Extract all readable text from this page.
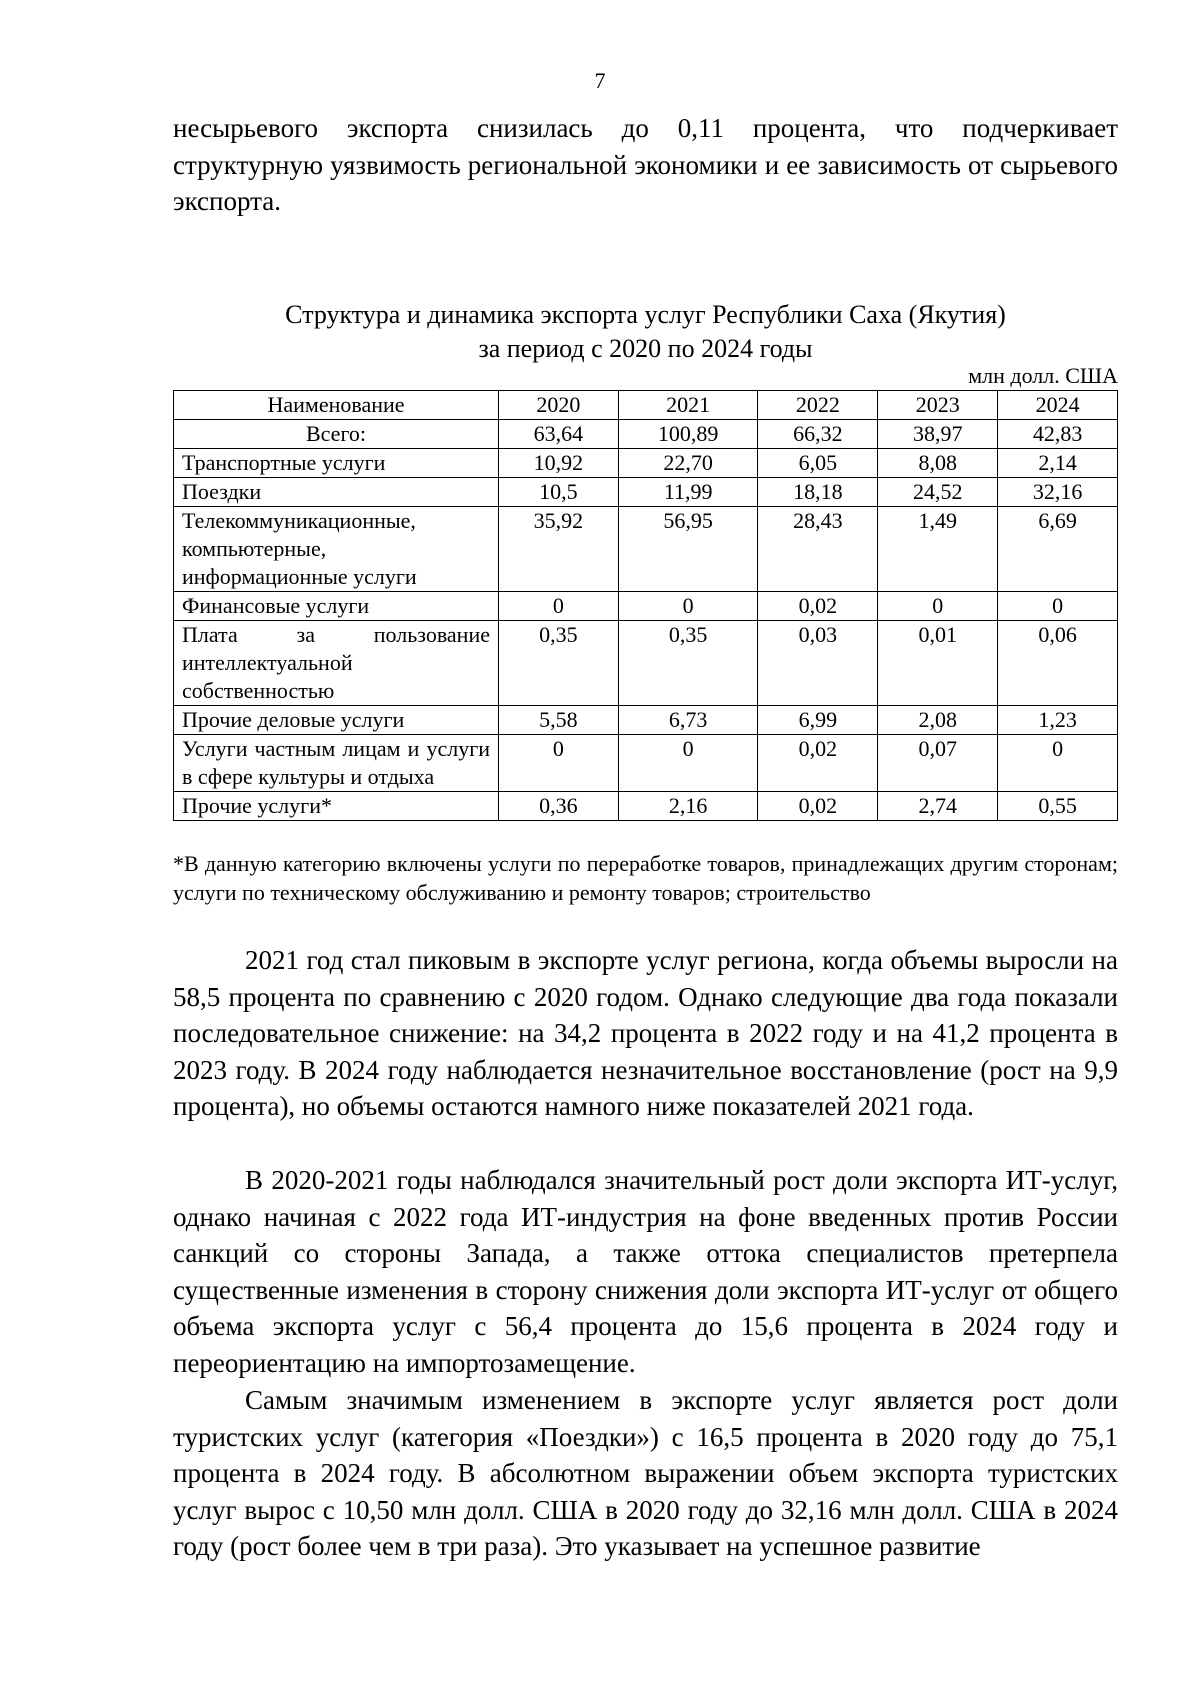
7

несырьевого экспорта снизилась до 0,11 процента, что подчеркивает структурную уязвимость региональной экономики и ее зависимость от сырьевого экспорта.

Структура и динамика экспорта услуг Республики Саха (Якутия)
за период с 2020 по 2024 годы
млн долл. США
Наименование	2020	2021	2022	2023	2024
Всего:	63,64	100,89	66,32	38,97	42,83
Транспортные услуги	10,92	22,70	6,05	8,08	2,14
Поездки	10,5	11,99	18,18	24,52	32,16
Телекоммуникационные, компьютерные, информационные услуги	35,92	56,95	28,43	1,49	6,69
Финансовые услуги	0	0	0,02	0	0
Плата за пользование интеллектуальной собственностью	0,35	0,35	0,03	0,01	0,06
Прочие деловые услуги	5,58	6,73	6,99	2,08	1,23
Услуги частным лицам и услуги в сфере культуры и отдыха	0	0	0,02	0,07	0
Прочие услуги*	0,36	2,16	0,02	2,74	0,55

*В данную категорию включены услуги по переработке товаров, принадлежащих другим сторонам; услуги по техническому обслуживанию и ремонту товаров; строительство

2021 год стал пиковым в экспорте услуг региона, когда объемы выросли на 58,5 процента по сравнению с 2020 годом. Однако следующие два года показали последовательное снижение: на 34,2 процента в 2022 году и на 41,2 процента в 2023 году. В 2024 году наблюдается незначительное восстановление (рост на 9,9 процента), но объемы остаются намного ниже показателей 2021 года.

В 2020-2021 годы наблюдался значительный рост доли экспорта ИТ-услуг, однако начиная с 2022 года ИТ-индустрия на фоне введенных против России санкций со стороны Запада, а также оттока специалистов претерпела существенные изменения в сторону снижения доли экспорта ИТ-услуг от общего объема экспорта услуг с 56,4 процента до 15,6 процента в 2024 году и переориентацию на импортозамещение.

Самым значимым изменением в экспорте услуг является рост доли туристских услуг (категория «Поездки») с 16,5 процента в 2020 году до 75,1 процента в 2024 году. В абсолютном выражении объем экспорта туристских услуг вырос с 10,50 млн долл. США в 2020 году до 32,16 млн долл. США в 2024 году (рост более чем в три раза). Это указывает на успешное развитие
